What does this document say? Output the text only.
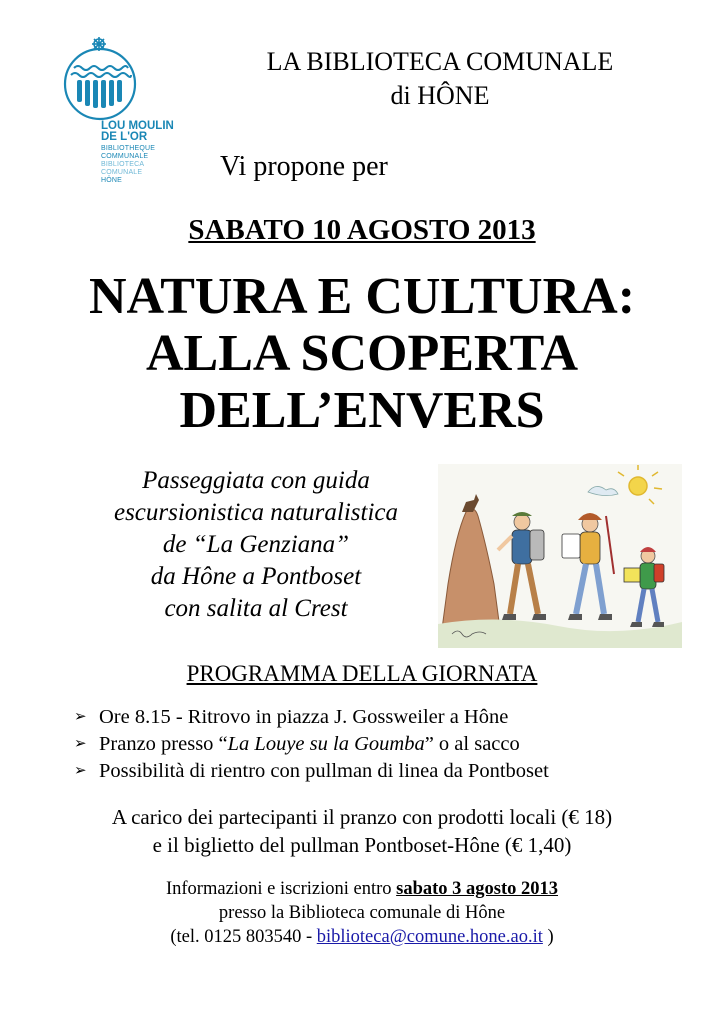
LOU MOULIN
DE L'OR
BIBLIOTHEQUE
COMMUNALE
BIBLIOTECA
COMUNALE
HÔNE
LA BIBLIOTECA COMUNALE
di HÔNE
Vi propone per
SABATO 10 AGOSTO 2013
NATURA E CULTURA:
ALLA SCOPERTA
DELL’ENVERS
Passeggiata con guida
escursionistica naturalistica
de “La Genziana”
da Hône a Pontboset
con salita al Crest
PROGRAMMA DELLA GIORNATA
➢ Ore 8.15 - Ritrovo in piazza J. Gossweiler a Hône
➢ Pranzo presso “La Louye su la Goumba” o al sacco
➢ Possibilità di rientro con pullman di linea da Pontboset
A carico dei partecipanti il pranzo con prodotti locali (€ 18)
e il biglietto del pullman Pontboset-Hône (€ 1,40)
Informazioni e iscrizioni entro sabato 3 agosto 2013
presso la Biblioteca comunale di Hône
(tel. 0125 803540 - biblioteca@comune.hone.ao.it )
